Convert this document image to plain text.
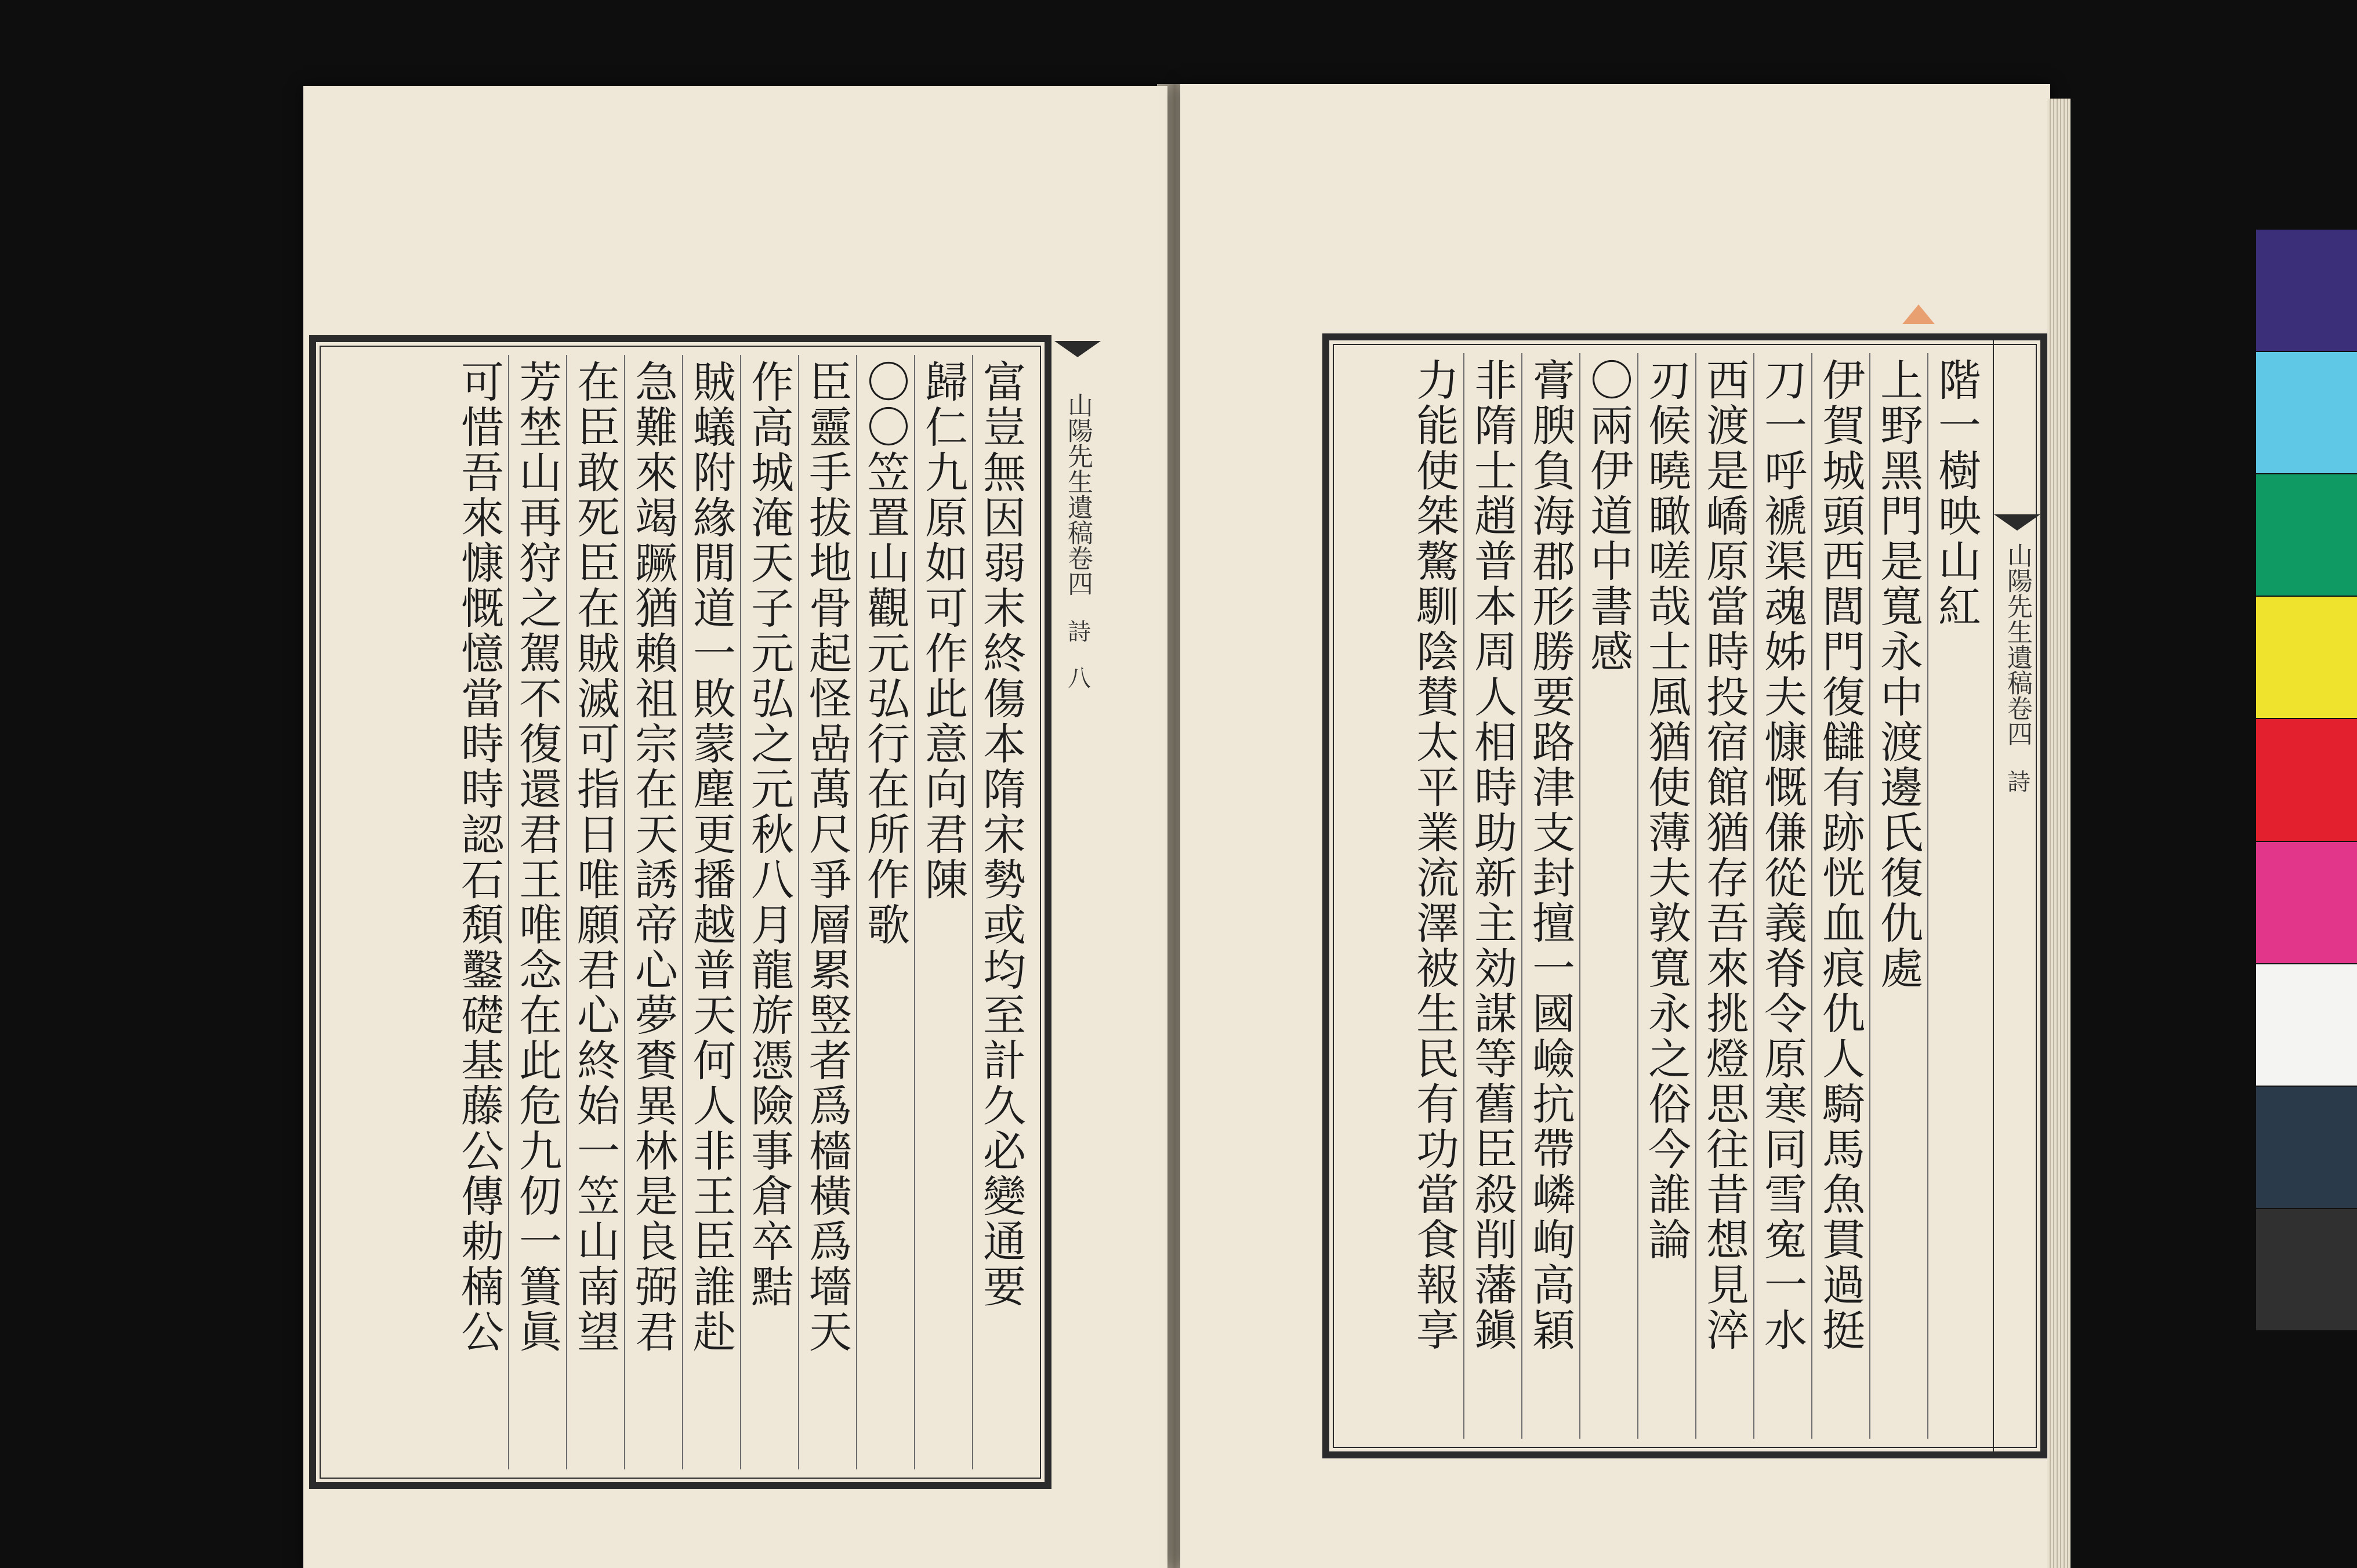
富豈無因弱末終傷本隋宋勢或均至計久必變通要
歸仁九原如可作此意向君陳
〇〇笠置山觀元弘行在所作歌
臣靈手拔地骨起怪嵒萬尺爭層累竪者爲檣橫爲墻天
作高城淹天子元弘之元秋八月龍旂憑險事倉卒黠
賊蟻附緣閒道一敗蒙塵更播越普天何人非王臣誰赴
急難來竭蹶猶賴祖宗在天誘帝心夢賚異林是良弼君
在臣敢死臣在賊滅可指日唯願君心終始一笠山南望
芳埜山再狩之駕不復還君王唯念在此危九仞一簣眞
可惜吾來慷慨憶當時時認石頽鑿礎基藤公傳勅楠公	山陽先生遺稿卷四
詩
八
階一樹映山紅
上野黑門是寬永中渡邊氏復仇處
伊賀城頭西閭門復讎有跡恍血痕仇人騎馬魚貫過挺
刀一呼褫渠魂姊夫慷慨傔從義脊令原寒同雪寃一水
西渡是嶠原當時投宿館猶存吾來挑燈思往昔想見淬
刃候曉瞰嗟哉士風猶使薄夫敦寬永之俗今誰論
〇兩伊道中書感
膏腴負海郡形勝要路津支封擅一國嶮抗帶嶙峋高穎
非隋士趙普本周人相時助新主効謀等舊臣殺削藩鎭
力能使桀驁馴陰賛太平業流澤被生民有功當食報享	山陽先生遺稿卷四
詩
